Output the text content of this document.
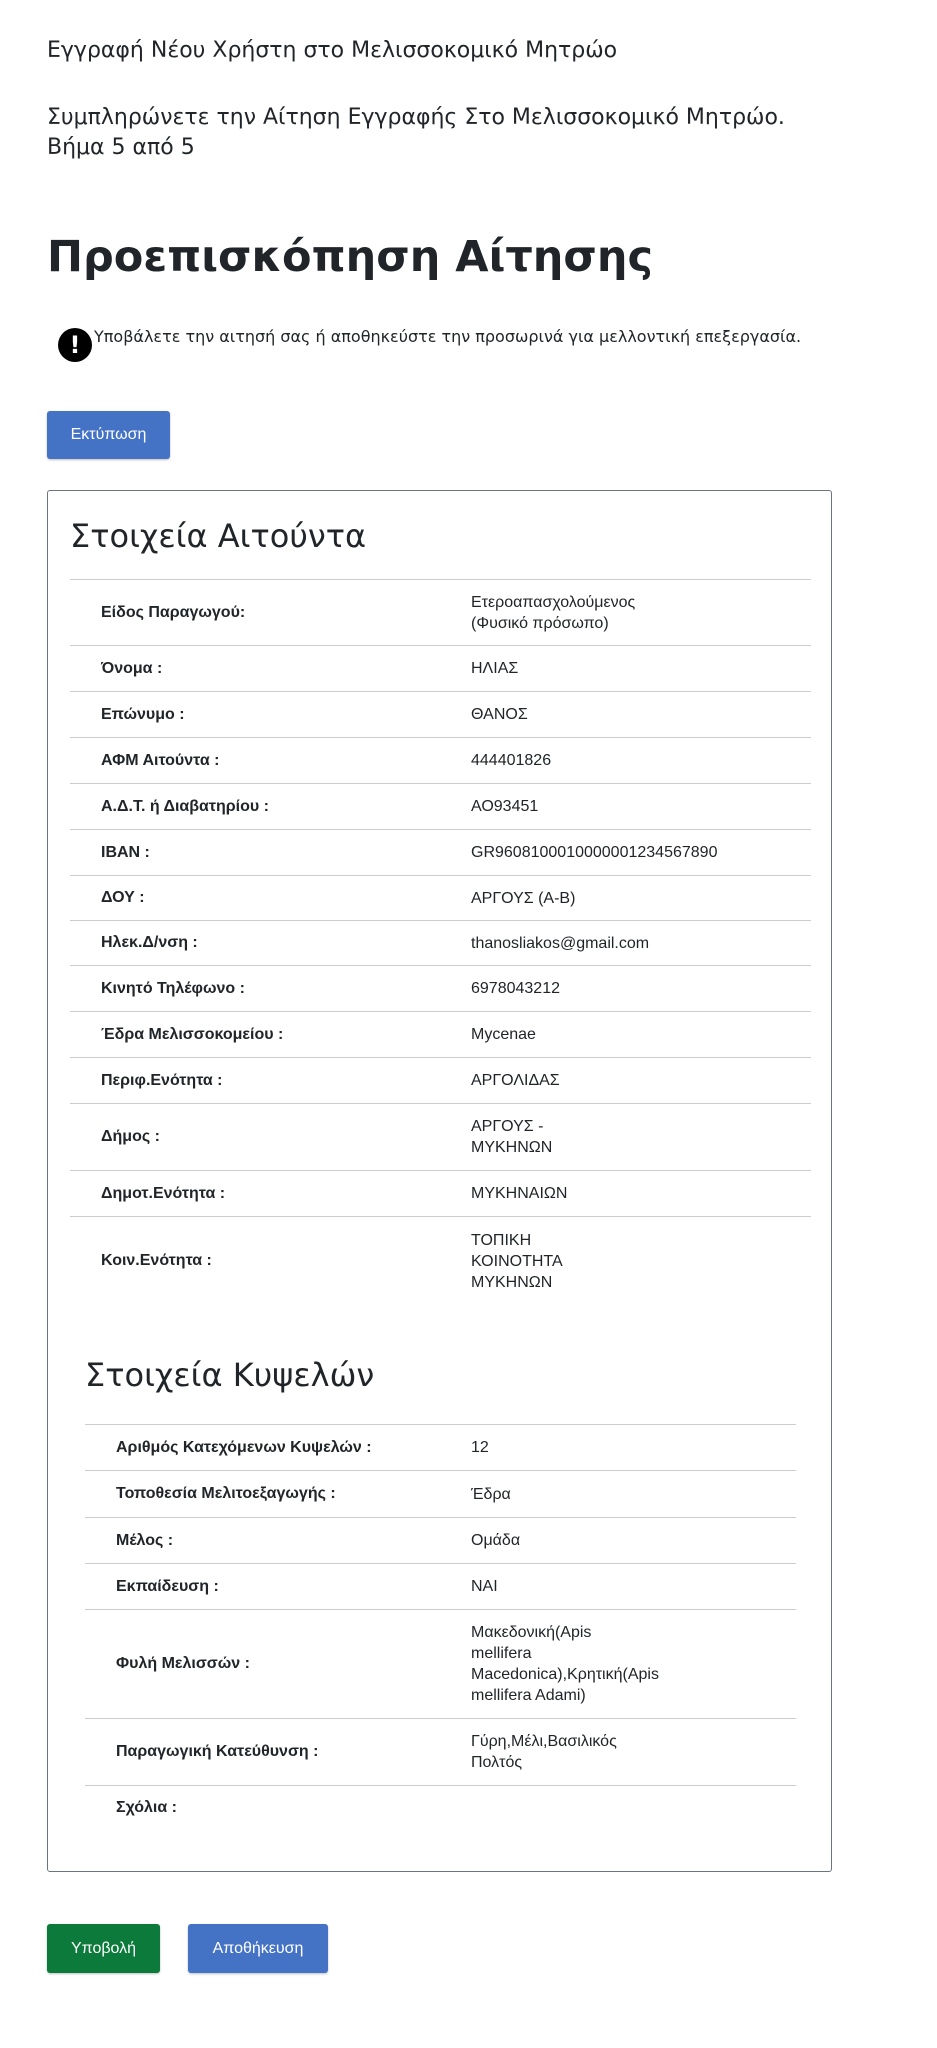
Εγγραφή Νέου Χρήστη στο Μελισσοκομικό Μητρώο
Συμπληρώνετε την Αίτηση Εγγραφής Στο Μελισσοκομικό Μητρώο.
Βήμα 5 από 5
Προεπισκόπηση Αίτησης
! Υποβάλετε την αιτησή σας ή αποθηκεύστε την προσωρινά για μελλοντική επεξεργασία.
Εκτύπωση
Στοιχεία Αιτούντα
Είδος Παραγωγού:
Ετεροαπασχολούμενος
(Φυσικό πρόσωπο)
Όνομα :	ΗΛΙΑΣ
Επώνυμο :	ΘΑΝΟΣ
ΑΦΜ Αιτούντα :	444401826
Α.Δ.Τ. ή Διαβατηρίου :	ΑΟ93451
IBAN :	GR9608100010000001234567890
ΔΟΥ :	ΑΡΓΟΥΣ (Α-Β)
Ηλεκ.Δ/νση :	thanosliakos@gmail.com
Κινητό Τηλέφωνο :	6978043212
Έδρα Μελισσοκομείου :	Mycenae
Περιφ.Ενότητα :	ΑΡΓΟΛΙΔΑΣ
Δήμος :
ΑΡΓΟΥΣ -
ΜΥΚΗΝΩΝ
Δημοτ.Ενότητα :	ΜΥΚΗΝΑΙΩΝ
Κοιν.Ενότητα :
ΤΟΠΙΚΗ
ΚΟΙΝΟΤΗΤΑ
ΜΥΚΗΝΩΝ
Στοιχεία Κυψελών
Αριθμός Κατεχόμενων Κυψελών :	12
Τοποθεσία Μελιτοεξαγωγής :	Έδρα
Μέλος :	Ομάδα
Εκπαίδευση :	ΝΑΙ
Φυλή Μελισσών :
Μακεδονική(Apis
mellifera
Macedonica),Κρητική(Apis
mellifera Adami)
Παραγωγική Κατεύθυνση :
Γύρη,Μέλι,Βασιλικός
Πολτός
Σχόλια :
Υποβολή	Αποθήκευση
